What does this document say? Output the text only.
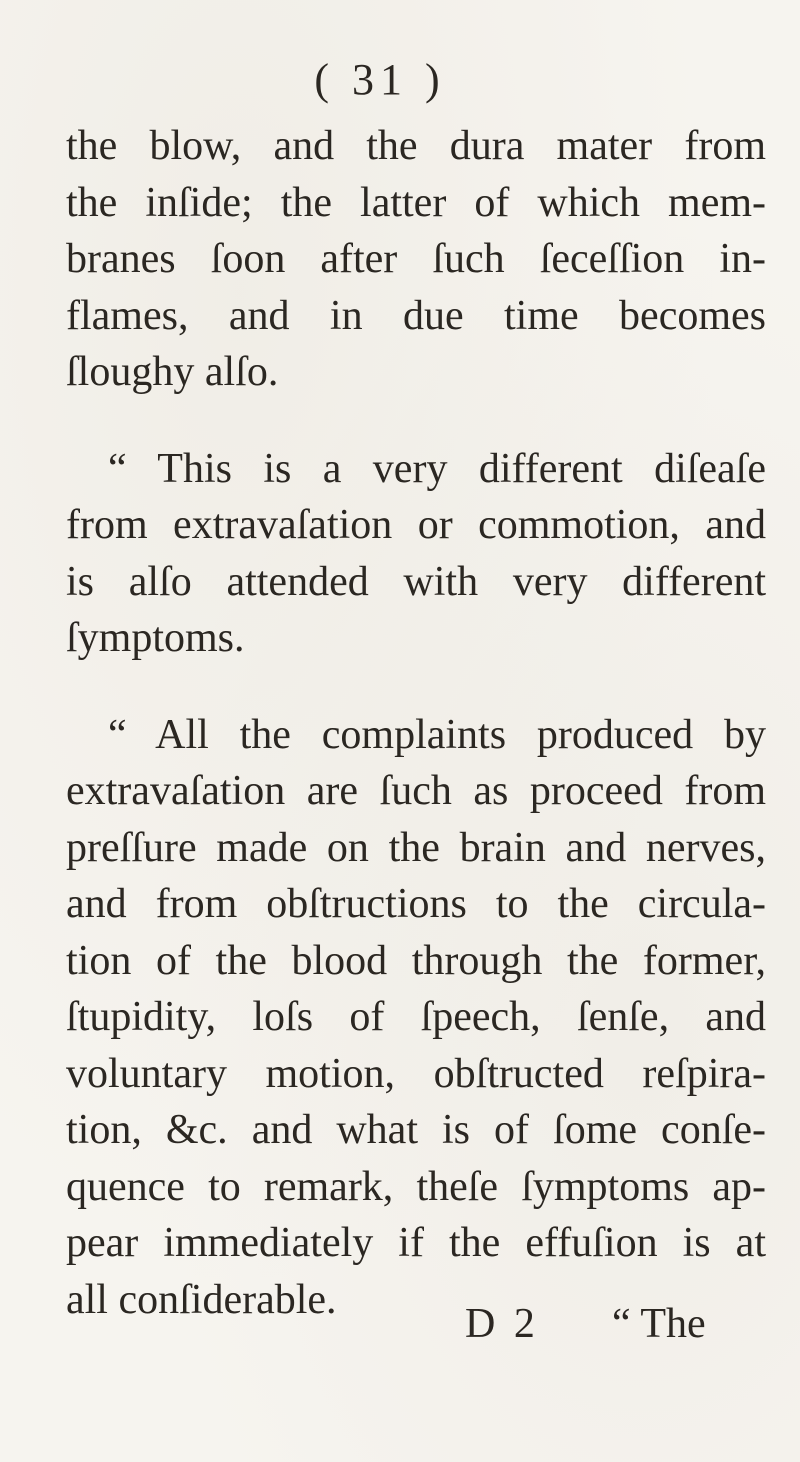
( 31 )
the blow, and the dura mater from
the inſide; the latter of which mem-
branes ſoon after ſuch ſeceſſion in-
flames, and in due time becomes
ſloughy alſo.
“ This is a very different diſeaſe
from extravaſation or commotion, and
is alſo attended with very different
ſymptoms.
“ All the complaints produced by
extravaſation are ſuch as proceed from
preſſure made on the brain and nerves,
and from obſtructions to the circula-
tion of the blood through the former,
ſtupidity, loſs of ſpeech, ſenſe, and
voluntary motion, obſtructed reſpira-
tion, &c. and what is of ſome conſe-
quence to remark, theſe ſymptoms ap-
pear immediately if the effuſion is at
all conſiderable.
D 2 “ The
